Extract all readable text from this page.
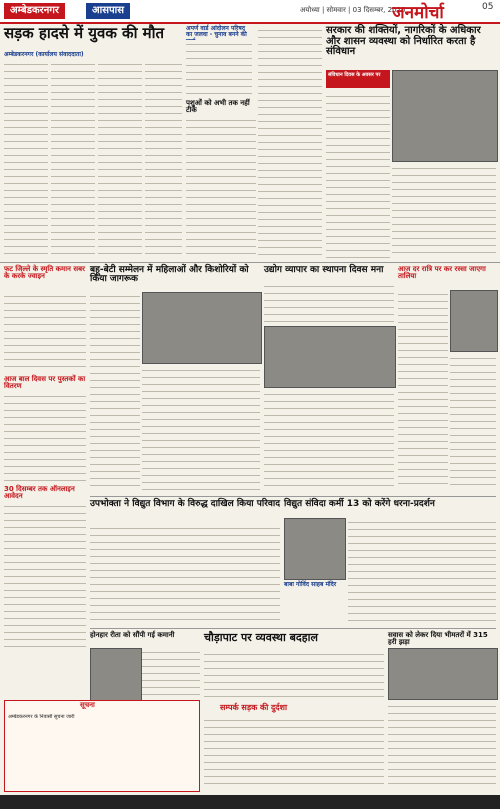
अम्बेडकरनगर	आसपास	अयोध्या | सोमवार | 03 दिसम्बर, 2020
जनमोर्चा	05
सड़क हादसे में युवक की मौत
अम्बेडकरनगर (कार्यालय संवाददाता)
अपर्ण वार्ड आंदोलन परिषद का जलवा - चुनाव बनने की
पशुओं को अभी तक नहीं टीके
सरकार की शक्तियों, नागरिकों के अधिकार और शासन व्यवस्था को निर्धारित करता है संविधान
संविधान दिवस के अवसर पर
फट जिल्ले के स्मृति कमान सबर के करके ज्वाइन
आज बाल दिवस पर पुस्तकों का वितरण
30 दिसम्बर तक ऑनलाइन आवेदन
बहू-बेटी सम्मेलन में महिलाओं और किशोरियों को किया जागरूक
उद्योग व्यापार का स्थापना दिवस मना	आज दर रात्रि पर कर रस्सा जाएगा तालिया
उपभोक्ता ने विद्युत विभाग के विरुद्ध दाखिल किया परिवाद विद्युत संविदा कर्मी 13 को करेंगे धरना-प्रदर्शन
बाबा गोविंद साहब मंदिर
होनहार रीता को सौंपी गई कमानी	चौड़ापाट पर व्यवस्था बदहाल
सम्पर्क सड़क की दुर्दशा
सवास को लेकर दिया भीमतरों में 315 हरी झड़ा
सूचना
अम्बेडकरनगर के निवासी सूचना जारी
